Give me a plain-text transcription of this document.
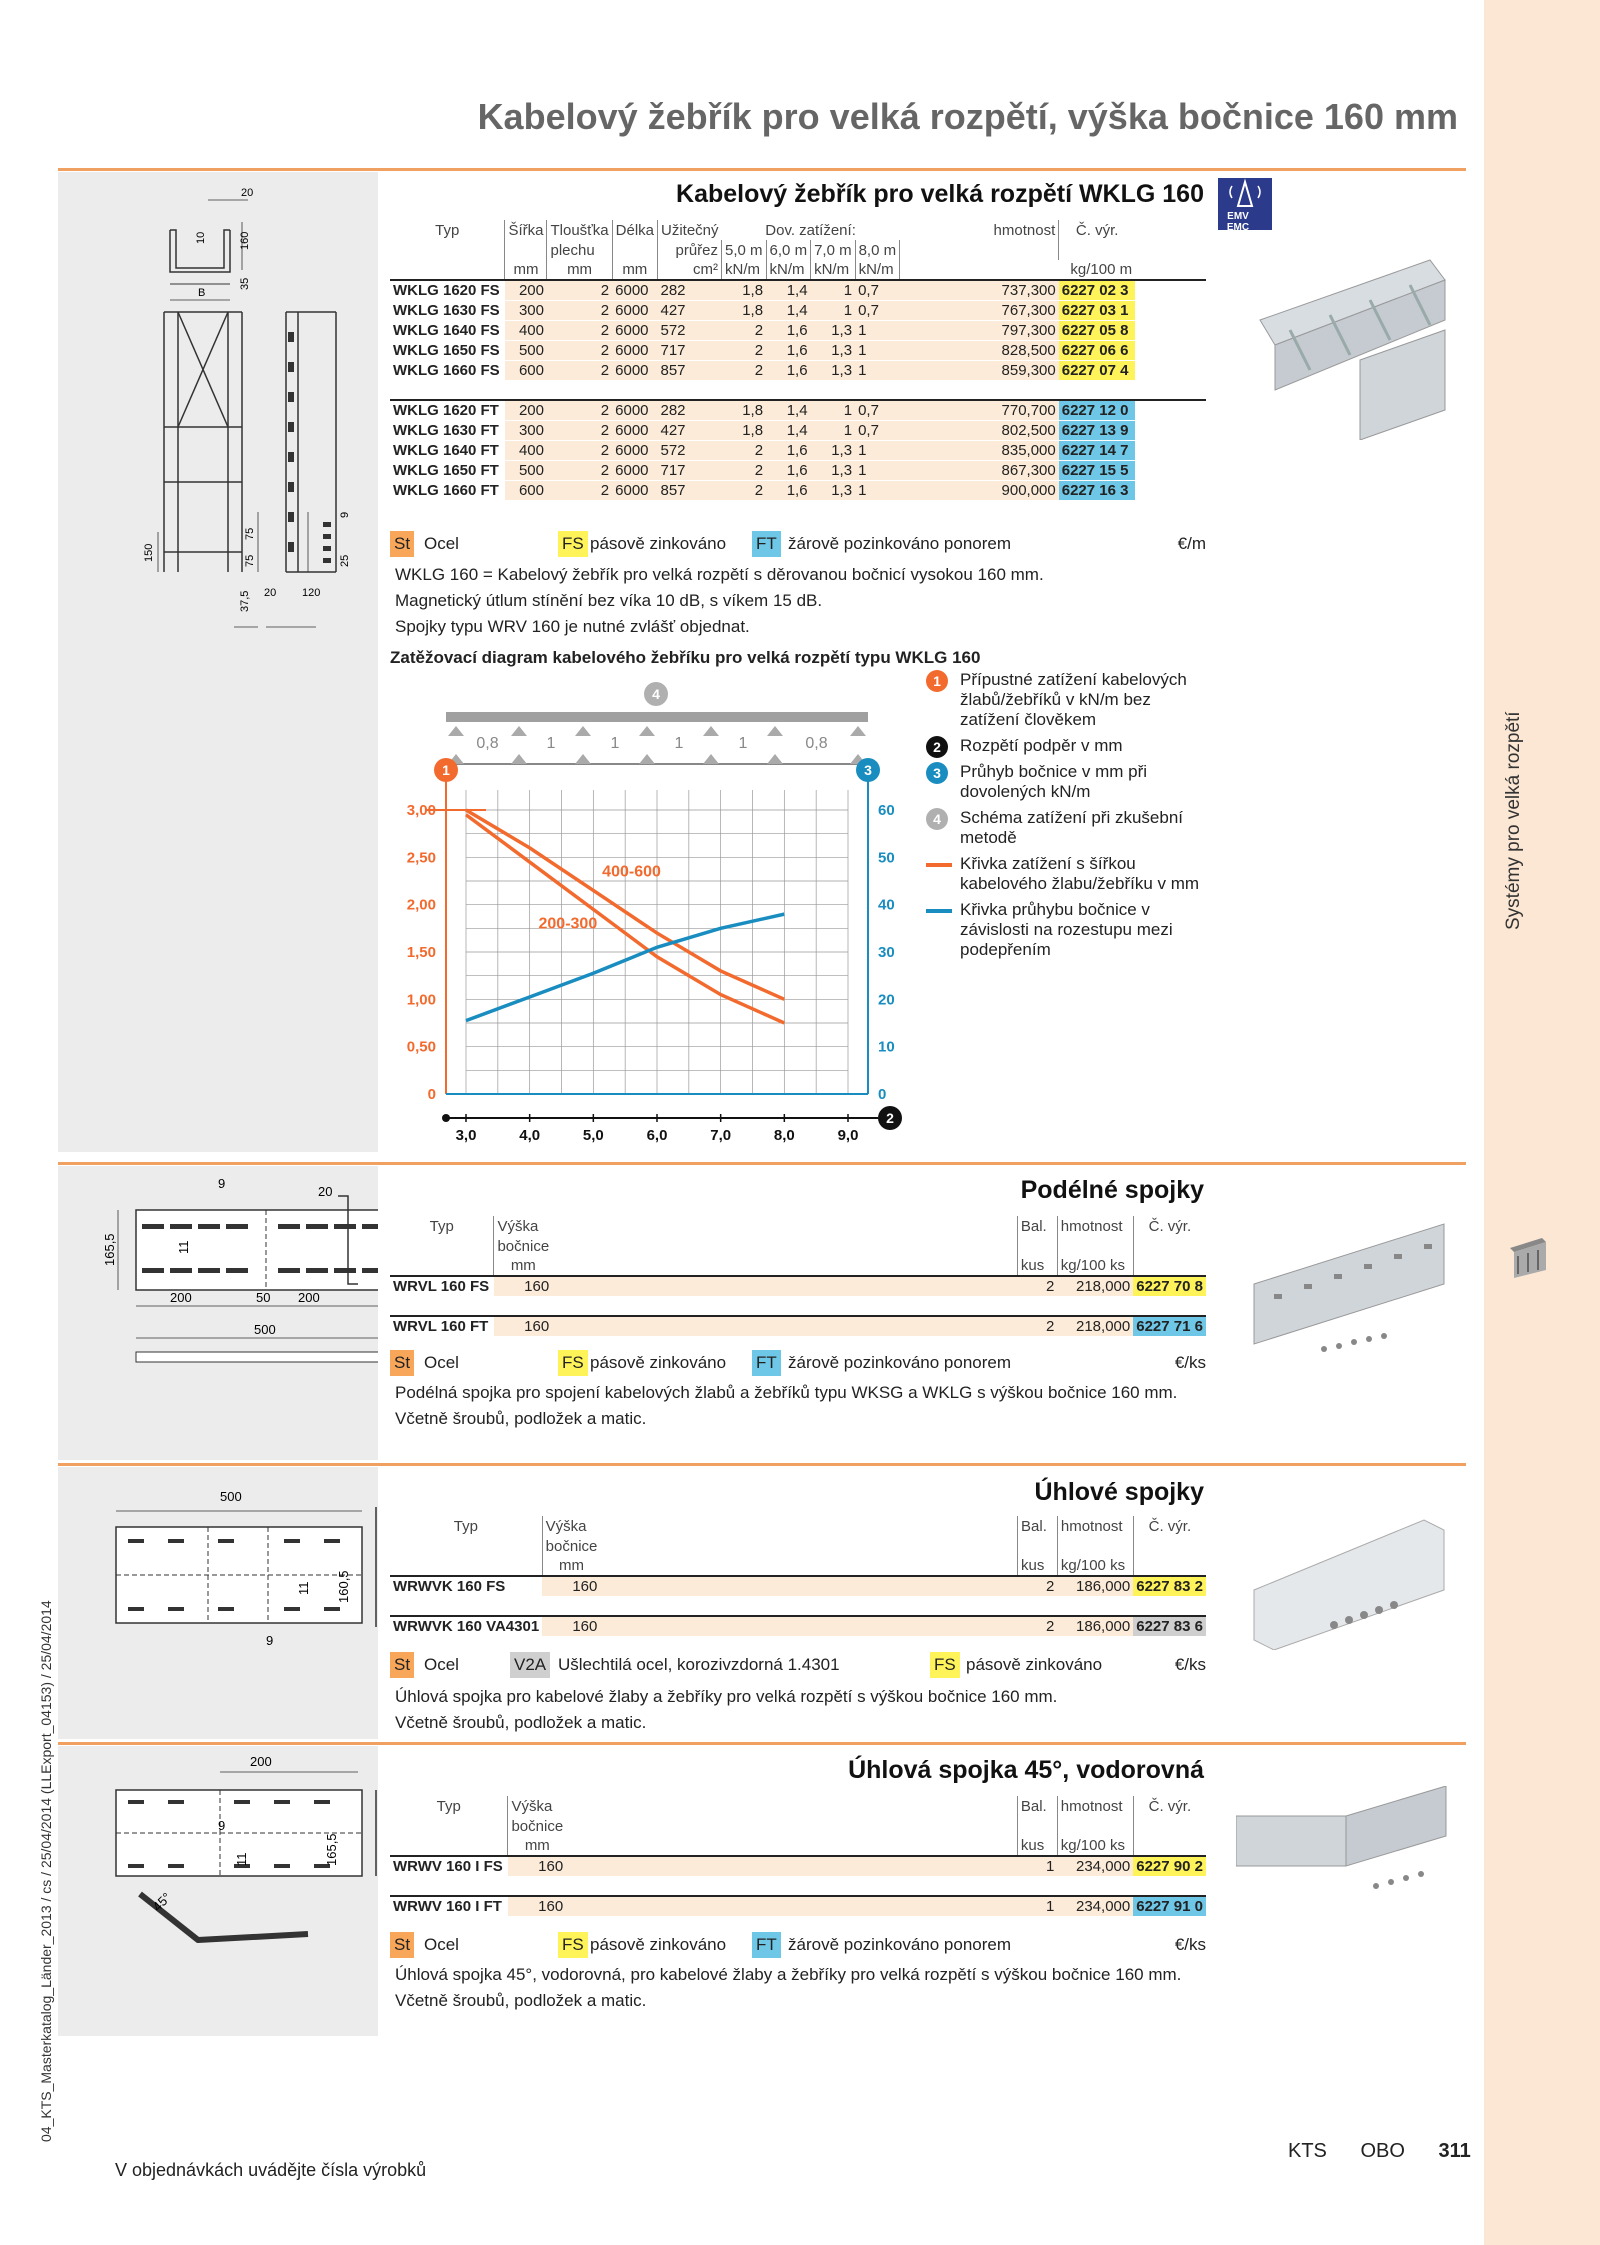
Systémy pro velká rozpětí
Kabelový žebřík pro velká rozpětí, výška bočnice 160 mm
20
10	160
35
B
150
75
75
9
25
37,5 20 120
Kabelový žebřík pro velká rozpětí WKLG 160
EMV EMC
Typ	Šířka	Tloušťka	Délka	Užitečný	Dov. zatížení:				hmotnost	Č. výr.	
		plechu		průřez	5,0 m	6,0 m	7,0 m	8,0 m			
	mm	mm	mm	cm²	kN/m	kN/m	kN/m	kN/m	kg/100 m		
WKLG 1620 FS	200	2	6000	282	1,8	1,4	1	0,7	737,300	6227 02 3	
WKLG 1630 FS	300	2	6000	427	1,8	1,4	1	0,7	767,300	6227 03 1	
WKLG 1640 FS	400	2	6000	572	2	1,6	1,3	1	797,300	6227 05 8	
WKLG 1650 FS	500	2	6000	717	2	1,6	1,3	1	828,500	6227 06 6	
WKLG 1660 FS	600	2	6000	857	2	1,6	1,3	1	859,300	6227 07 4	

WKLG 1620 FT	200	2	6000	282	1,8	1,4	1	0,7	770,700	6227 12 0	
WKLG 1630 FT	300	2	6000	427	1,8	1,4	1	0,7	802,500	6227 13 9	
WKLG 1640 FT	400	2	6000	572	2	1,6	1,3	1	835,000	6227 14 7	
WKLG 1650 FT	500	2	6000	717	2	1,6	1,3	1	867,300	6227 15 5	
WKLG 1660 FT	600	2	6000	857	2	1,6	1,3	1	900,000	6227 16 3	
St Ocel	FS pásově zinkováno FT žárově pozinkováno ponorem	€/m

WKLG 160 = Kabelový žebřík pro velká rozpětí s děrovanou bočnicí vysokou 160 mm.

Magnetický útlum stínění bez víka 10 dB, s víkem 15 dB.

Spojky typu WRV 160 je nutné zvlášť objednat.

Zatěžovací diagram kabelového žebříku pro velká rozpětí typu WKLG 160
0,8	1	1	1	1	0,8
4
1	3
2
0
0,50
1,00
1,50
2,00
2,50
3,00
0
10
20
30
40
50
60
3,0	4,0	5,0	6,0	7,0	8,0	9,0
400-600
200-300
1	Přípustné zatížení kabelových žlabů/žebříků v kN/m bez zatížení člověkem
2	Rozpětí podpěr v mm
3	Průhyb bočnice v mm při dovolených kN/m
4	Schéma zatížení při zkušební metodě
Křivka zatížení s šířkou kabelového žlabu/žebříku v mm
Křivka průhybu bočnice v závislosti na rozestupu mezi podepřením
9
20
165,5	11
200	50 200
500
Podélné spojky
Typ	Výška		Bal.	hmotnost	Č. výr.
	bočnice				
	mm		kus	kg/100 ks	
WRVL 160 FS	160		2	218,000	6227 70 8

WRVL 160 FT	160		2	218,000	6227 71 6
St Ocel	FS pásově zinkováno FT žárově pozinkováno ponorem	€/ks

Podélná spojka pro spojení kabelových žlabů a žebříků typu WKSG a WKLG s výškou bočnice 160 mm.

Včetně šroubů, podložek a matic.

500
11 160,5
9
Úhlové spojky
Typ	Výška		Bal.	hmotnost	Č. výr.
	bočnice				
	mm		kus	kg/100 ks	
WRWVK 160 FS	160		2	186,000	6227 83 2

WRWVK 160 VA4301	160		2	186,000	6227 83 6
St Ocel	V2A Ušlechtilá ocel, korozivzdorná 1.4301	FS pásově zinkováno	€/ks

Úhlová spojka pro kabelové žlaby a žebříky pro velká rozpětí s výškou bočnice 160 mm.

Včetně šroubů, podložek a matic.

200
9
165,5
11
45°
Úhlová spojka 45°, vodorovná
Typ	Výška		Bal.	hmotnost	Č. výr.
	bočnice				
	mm		kus	kg/100 ks	
WRWV 160 I FS	160		1	234,000	6227 90 2

WRWV 160 I FT	160		1	234,000	6227 91 0
St Ocel	FS pásově zinkováno FT žárově pozinkováno ponorem	€/ks

Úhlová spojka 45°, vodorovná, pro kabelové žlaby a žebříky pro velká rozpětí s výškou bočnice 160 mm.

Včetně šroubů, podložek a matic.

04_KTS_Masterkatalog_Länder_2013 / cs / 25/04/2014 (LLExport_04153) / 25/04/2014
V objednávkách uvádějte čísla výrobků
KTS OBO 311
